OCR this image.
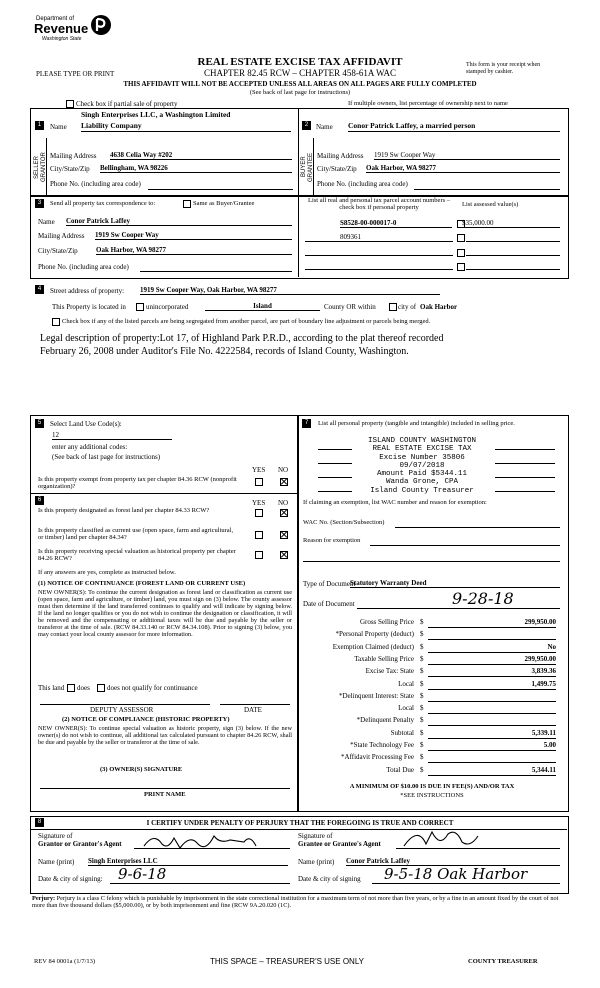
Department of
Revenue
Washington State
REAL ESTATE EXCISE TAX AFFIDAVIT
PLEASE TYPE OR PRINT	CHAPTER 82.45 RCW – CHAPTER 458-61A WAC
This form is your receipt when stamped by cashier.
THIS AFFIDAVIT WILL NOT BE ACCEPTED UNLESS ALL AREAS ON ALL PAGES ARE FULLY COMPLETED
(See back of last page for instructions)
Check box if partial sale of property	If multiple owners, list percentage of ownership next to name
1	Name
Singh Enterprises LLC, a Washington Limited
Liability Company
SELLER GRANTOR Mailing Address 4638 Celia Way #202
City/State/Zip Bellingham, WA 98226
Phone No. (including area code)
2	Name Conor Patrick Laffey, a married person
BUYER GRANTEE Mailing Address 1919 Sw Cooper Way
City/State/Zip Oak Harbor, WA 98277
Phone No. (including area code)
3	Send all property tax correspondence to:	Same as Buyer/Grantee
Name Conor Patrick Laffey
Mailing Address 1919 Sw Cooper Way
City/State/Zip	Oak Harbor, WA 98277
Phone No. (including area code)
List all real and personal tax parcel account numbers – check box if personal property	List assessed value(s)
S8528-00-000017-0	$35,000.00
809361
4	Street address of property: 1919 Sw Cooper Way, Oak Harbor, WA 98277
This Property is located in	unincorporated	Island	County OR within	city of Oak Harbor
Check box if any of the listed parcels are being segregated from another parcel, are part of boundary line adjustment or parcels being merged.
Legal description of property:Lot 17, of Highland Park P.R.D., according to the plat thereof recorded
February 26, 2008 under Auditor's File No. 4222584, records of Island County, Washington.
5	Select Land Use Code(s):
12
enter any additional codes:
(See back of last page for instructions)
YES NO
Is this property exempt from property tax per chapter 84.36 RCW (nonprofit organization)?
6	YES NO
Is this property designated as forest land per chapter 84.33 RCW?
Is this property classified as current use (open space, farm and agricultural, or timber) land per chapter 84.34?
Is this property receiving special valuation as historical property per chapter 84.26 RCW?
If any answers are yes, complete as instructed below.
(1) NOTICE OF CONTINUANCE (FOREST LAND OR CURRENT USE)
NEW OWNER(S): To continue the current designation as forest land or classification as current use (open space, farm and agriculture, or timber) land, you must sign on (3) below. The county assessor must then determine if the land transferred continues to qualify and will indicate by signing below. If the land no longer qualifies or you do not wish to continue the designation or classification, it will be removed and the compensating or additional taxes will be due and payable by the seller or transferor at the time of sale. (RCW 84.33.140 or RCW 84.34.108). Prior to signing (3) below, you may contact your local county assessor for more information.
This land does does not qualify for continuance
DEPUTY ASSESSOR	DATE
(2) NOTICE OF COMPLIANCE (HISTORIC PROPERTY)
NEW OWNER(S): To continue special valuation as historic property, sign (3) below. If the new owner(s) do not wish to continue, all additional tax calculated pursuant to chapter 84.26 RCW, shall be due and payable by the seller or transferor at the time of sale.
(3) OWNER(S) SIGNATURE
PRINT NAME
7	List all personal property (tangible and intangible) included in selling price.
ISLAND COUNTY WASHINGTON
REAL ESTATE EXCISE TAX
Excise Number 35806
09/07/2018
Amount Paid $5344.11
Wanda Grone, CPA
Island County Treasurer
If claiming an exemption, list WAC number and reason for exemption:
WAC No. (Section/Subsection)
Reason for exemption
Type of Document
Statutory Warranty Deed
Date of Document	9-28-18
Gross Selling Price $	299,950.00
*Personal Property (deduct) $
Exemption Claimed (deduct) $	No
Taxable Selling Price $	299,950.00
Excise Tax: State $	3,839.36
Local $	1,499.75
*Delinquent Interest: State $
Local $
*Delinquent Penalty $
Subtotal $	5,339.11
*State Technology Fee $	5.00
*Affidavit Processing Fee $
Total Due $	5,344.11
A MINIMUM OF $10.00 IS DUE IN FEE(S) AND/OR TAX
*SEE INSTRUCTIONS
8	I CERTIFY UNDER PENALTY OF PERJURY THAT THE FOREGOING IS TRUE AND CORRECT
Signature of
Grantor or Grantor's Agent
Name (print) Singh Enterprises LLC
Date & city of signing: 9-6-18
Signature of
Grantee or Grantee's Agent
Name (print) Conor Patrick Laffey
Date & city of signing 9-5-18 Oak Harbor
Perjury: Perjury is a class C felony which is punishable by imprisonment in the state correctional institution for a maximum term of not more than five years, or by a fine in an amount fixed by the court of not more than five thousand dollars ($5,000.00), or by both imprisonment and fine (RCW 9A.20.020 (1C).
REV 84 0001a (1/7/13)	THIS SPACE – TREASURER'S USE ONLY	COUNTY TREASURER
